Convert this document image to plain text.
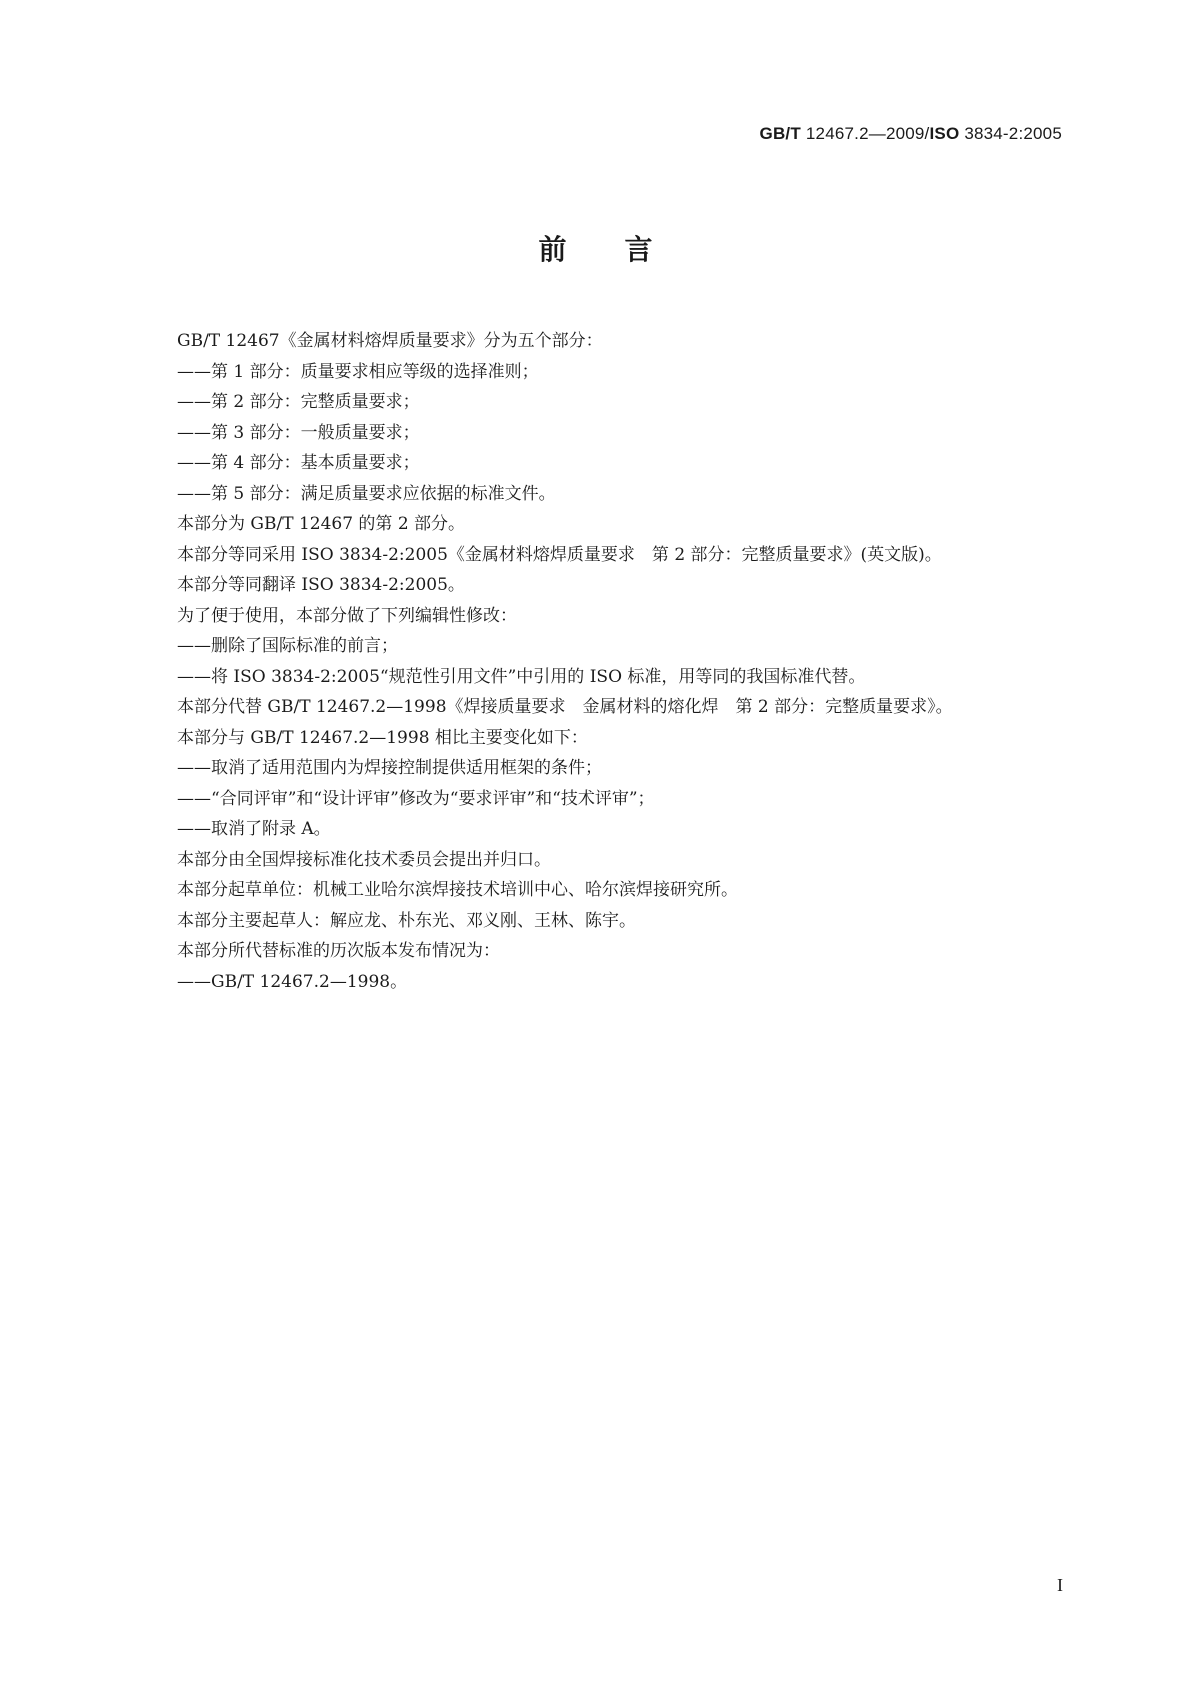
GB/T 12467.2—2009/ISO 3834-2:2005
前言

GB/T 12467《金属材料熔焊质量要求》分为五个部分：

——第 1 部分：质量要求相应等级的选择准则；

——第 2 部分：完整质量要求；

——第 3 部分：一般质量要求；

——第 4 部分：基本质量要求；

——第 5 部分：满足质量要求应依据的标准文件。

本部分为 GB/T 12467 的第 2 部分。

本部分等同采用 ISO 3834-2:2005《金属材料熔焊质量要求　第 2 部分：完整质量要求》(英文版)。

本部分等同翻译 ISO 3834-2:2005。

为了便于使用，本部分做了下列编辑性修改：

——删除了国际标准的前言；

——将 ISO 3834-2:2005“规范性引用文件”中引用的 ISO 标准，用等同的我国标准代替。

本部分代替 GB/T 12467.2—1998《焊接质量要求　金属材料的熔化焊　第 2 部分：完整质量要求》。

本部分与 GB/T 12467.2—1998 相比主要变化如下：

——取消了适用范围内为焊接控制提供适用框架的条件；

——“合同评审”和“设计评审”修改为“要求评审”和“技术评审”；

——取消了附录 A。

本部分由全国焊接标准化技术委员会提出并归口。

本部分起草单位：机械工业哈尔滨焊接技术培训中心、哈尔滨焊接研究所。

本部分主要起草人：解应龙、朴东光、邓义刚、王林、陈宇。

本部分所代替标准的历次版本发布情况为：

——GB/T 12467.2—1998。

I
